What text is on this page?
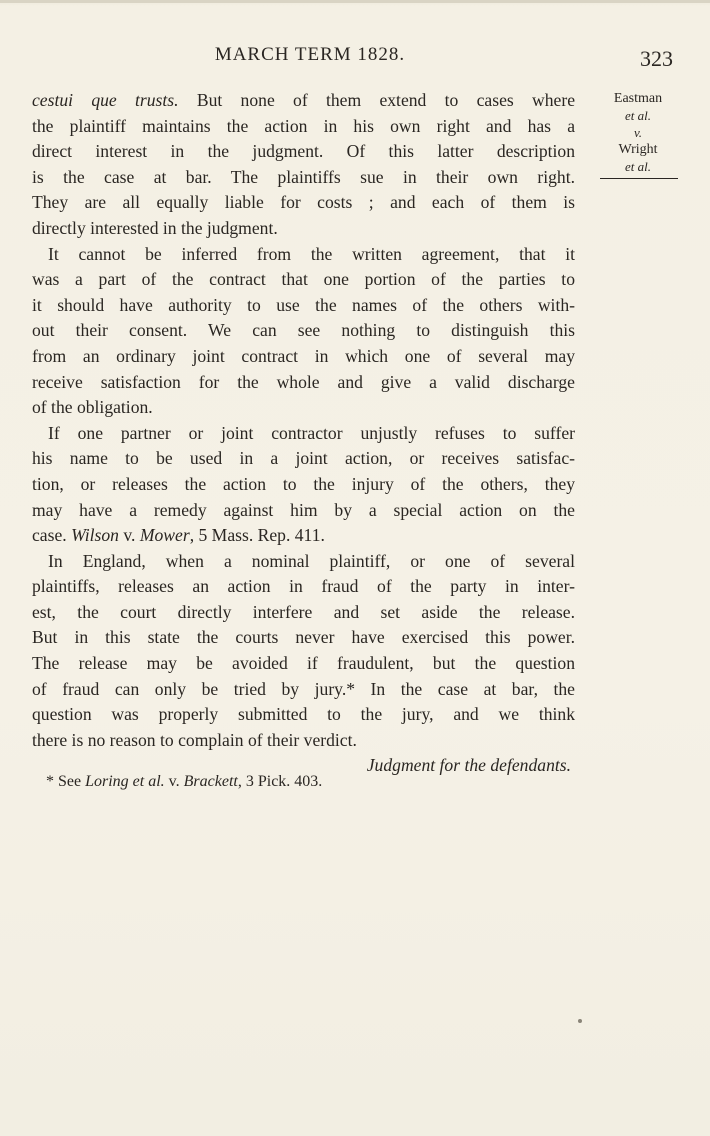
MARCH TERM 1828.	323
Eastman
et al.
v.
Wright
et al.
cestui que trusts. But none of them extend to cases where
the plaintiff maintains the action in his own right and has a
direct interest in the judgment. Of this latter description
is the case at bar. The plaintiffs sue in their own right.
They are all equally liable for costs ; and each of them is
directly interested in the judgment.
It cannot be inferred from the written agreement, that it
was a part of the contract that one portion of the parties to
it should have authority to use the names of the others with-
out their consent. We can see nothing to distinguish this
from an ordinary joint contract in which one of several may
receive satisfaction for the whole and give a valid discharge
of the obligation.
If one partner or joint contractor unjustly refuses to suffer
his name to be used in a joint action, or receives satisfac-
tion, or releases the action to the injury of the others, they
may have a remedy against him by a special action on the
case. Wilson v. Mower, 5 Mass. Rep. 411.
In England, when a nominal plaintiff, or one of several
plaintiffs, releases an action in fraud of the party in inter-
est, the court directly interfere and set aside the release.
But in this state the courts never have exercised this power.
The release may be avoided if fraudulent, but the question
of fraud can only be tried by jury.* In the case at bar, the
question was properly submitted to the jury, and we think
there is no reason to complain of their verdict.
Judgment for the defendants.
* See Loring et al. v. Brackett, 3 Pick. 403.
